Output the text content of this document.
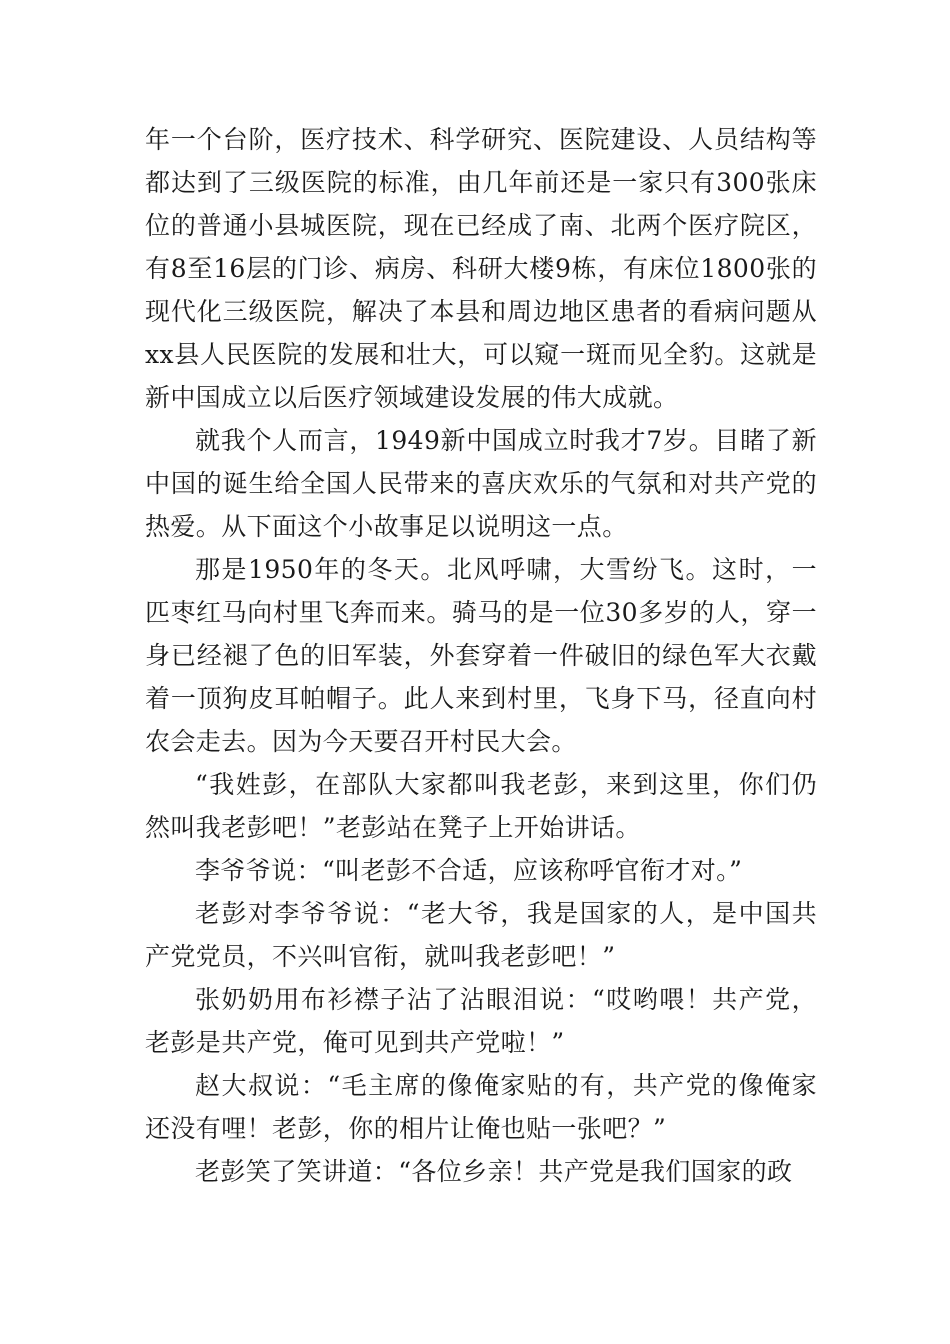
年一个台阶，医疗技术、科学研究、医院建设、人员结构等都达到了三级医院的标准，由几年前还是一家只有300张床位的普通小县城医院，现在已经成了南、北两个医疗院区，有8至16层的门诊、病房、科研大楼9栋，有床位1800张的现代化三级医院，解决了本县和周边地区患者的看病问题从xx县人民医院的发展和壮大，可以窥一斑而见全豹。这就是新中国成立以后医疗领域建设发展的伟大成就。

就我个人而言，1949新中国成立时我才7岁。目睹了新中国的诞生给全国人民带来的喜庆欢乐的气氛和对共产党的热爱。从下面这个小故事足以说明这一点。

那是1950年的冬天。北风呼啸，大雪纷飞。这时，一匹枣红马向村里飞奔而来。骑马的是一位30多岁的人，穿一身已经褪了色的旧军装，外套穿着一件破旧的绿色军大衣戴着一顶狗皮耳帕帽子。此人来到村里，飞身下马，径直向村农会走去。因为今天要召开村民大会。

“我姓彭，在部队大家都叫我老彭，来到这里，你们仍然叫我老彭吧！”老彭站在凳子上开始讲话。

李爷爷说：“叫老彭不合适，应该称呼官衔才对。”

老彭对李爷爷说：“老大爷，我是国家的人，是中国共产党党员，不兴叫官衔，就叫我老彭吧！”

张奶奶用布衫襟子沾了沾眼泪说：“哎哟喂！共产党，老彭是共产党，俺可见到共产党啦！”

赵大叔说：“毛主席的像俺家贴的有，共产党的像俺家还没有哩！老彭，你的相片让俺也贴一张吧？”

老彭笑了笑讲道：“各位乡亲！共产党是我们国家的政
